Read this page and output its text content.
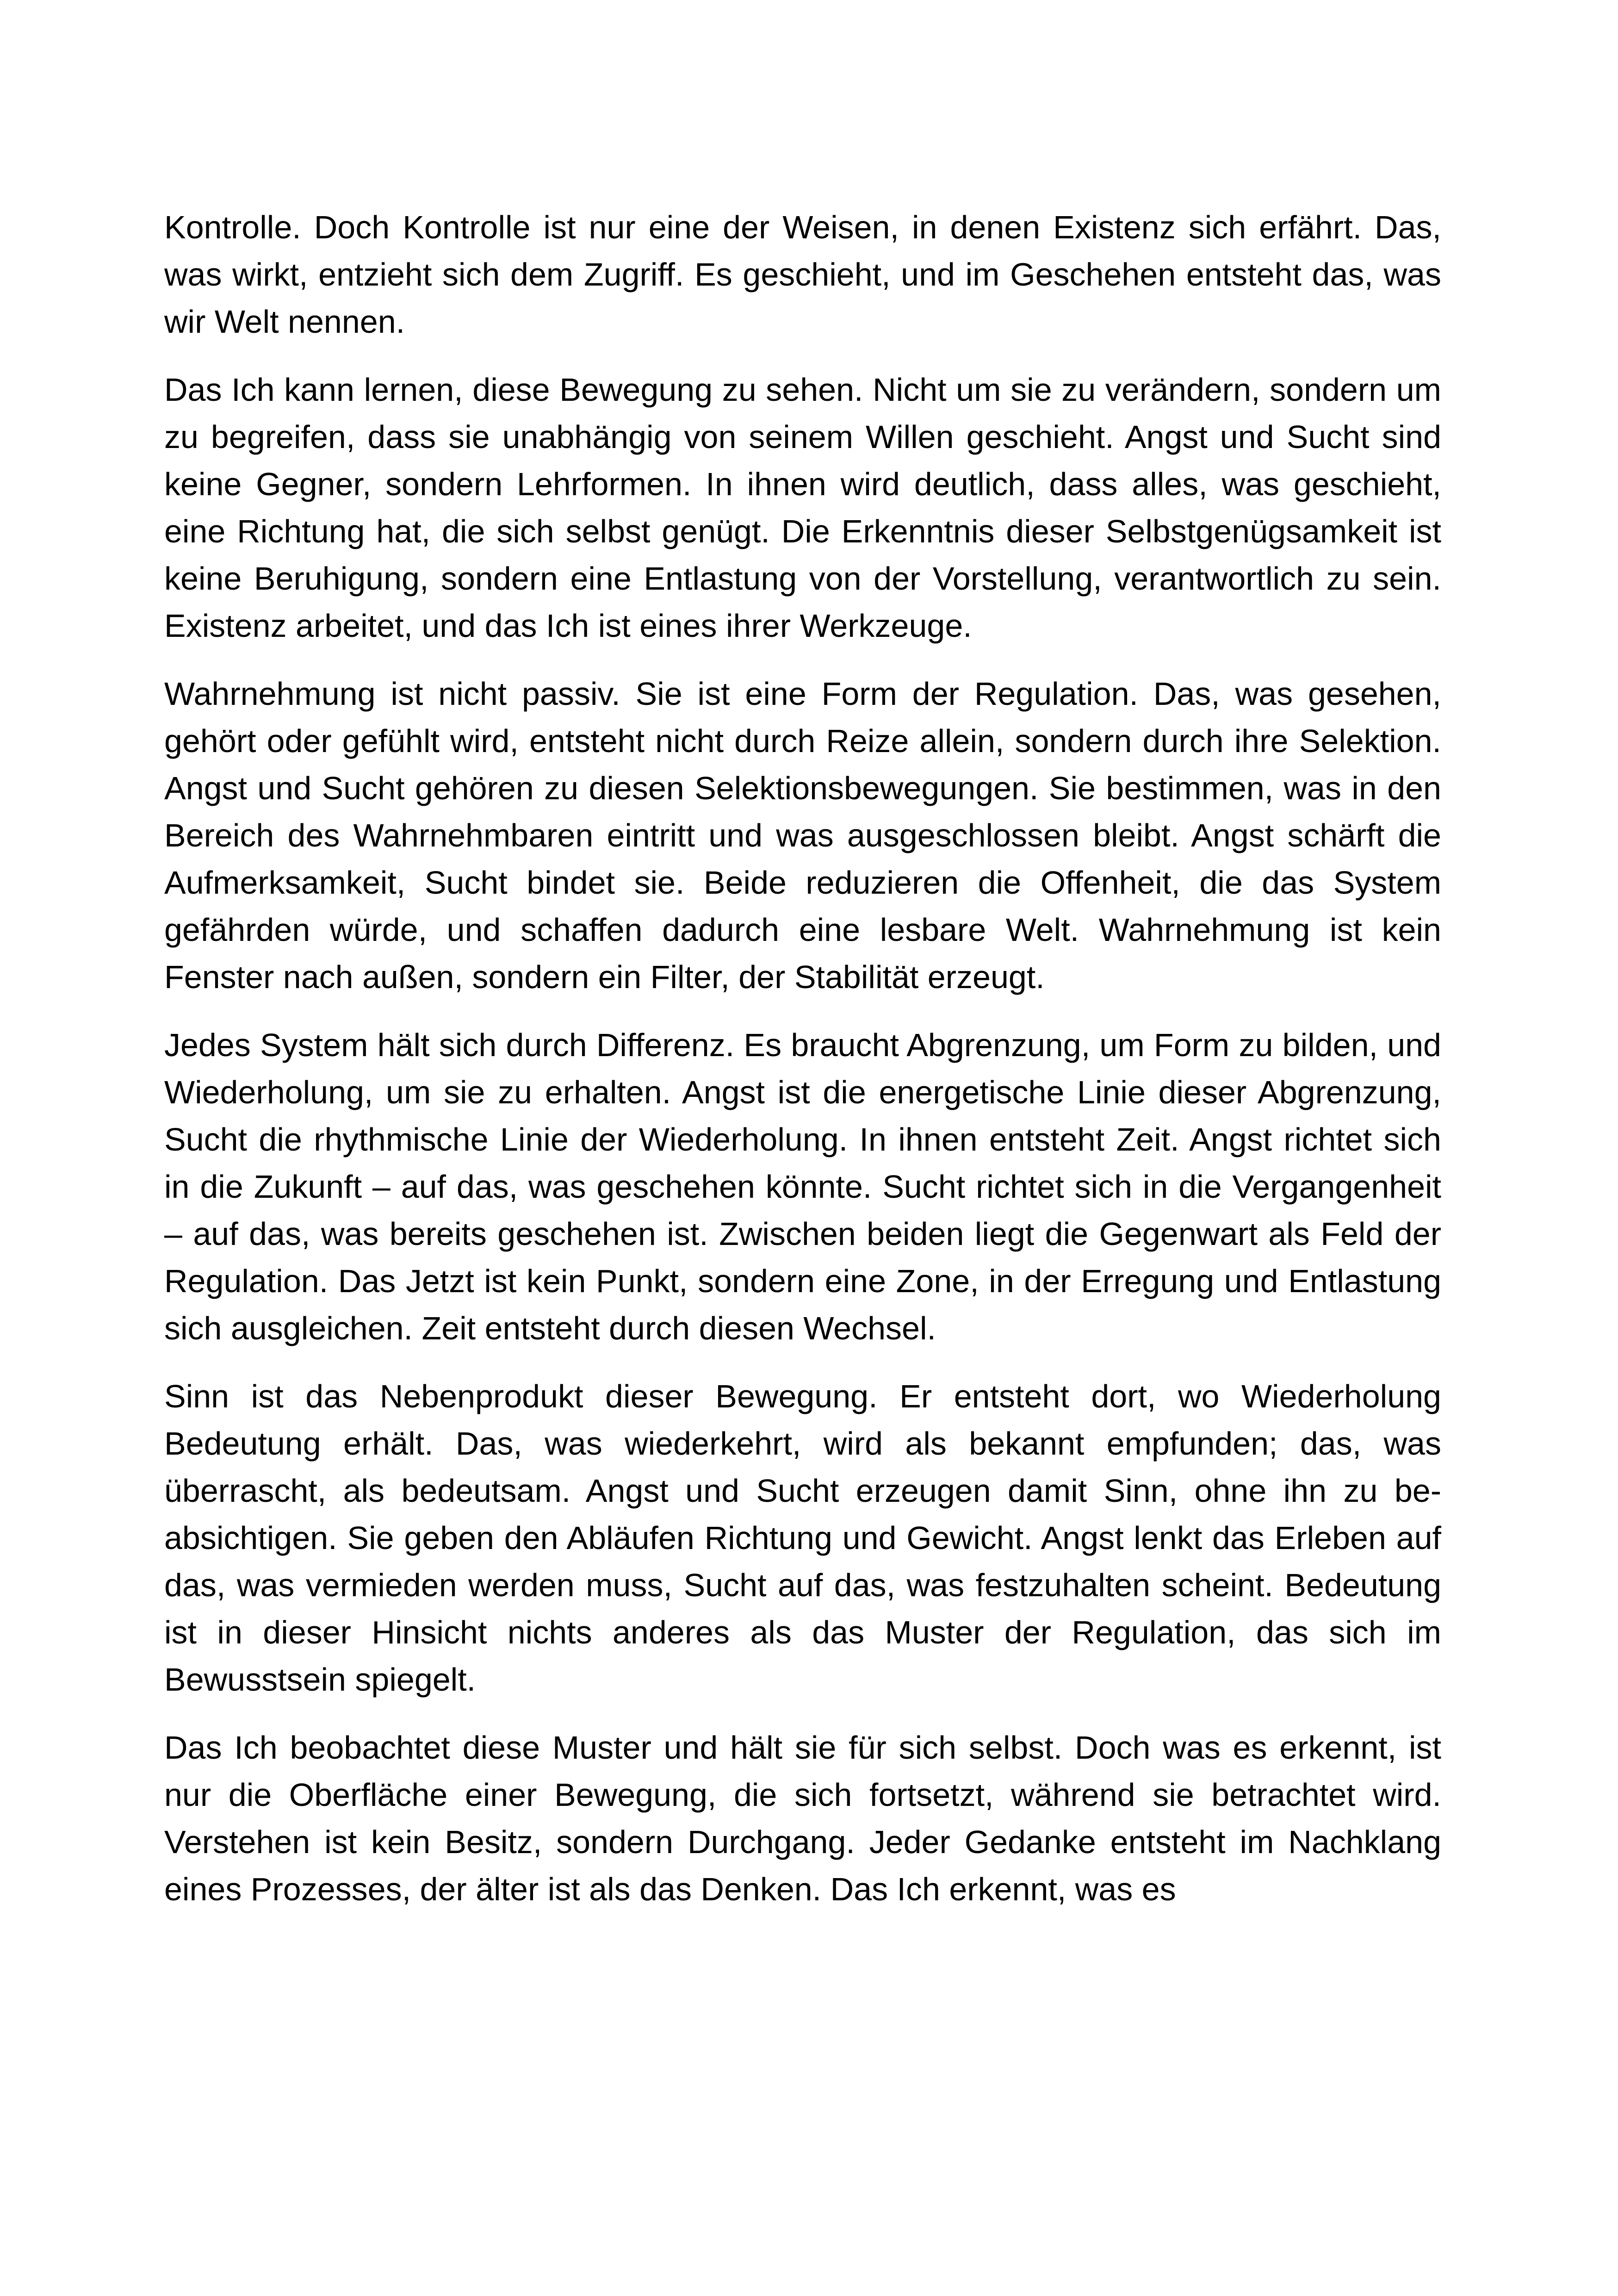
Kontrolle. Doch Kontrolle ist nur eine der Weisen, in denen Existenz sich erfährt. Das, was wirkt, entzieht sich dem Zugriff. Es geschieht, und im Geschehen entsteht das, was wir Welt nennen.

Das Ich kann lernen, diese Bewegung zu sehen. Nicht um sie zu verändern, sondern um zu begreifen, dass sie unabhängig von seinem Willen geschieht. Angst und Sucht sind keine Gegner, sondern Lehrformen. In ihnen wird deutlich, dass alles, was geschieht, eine Richtung hat, die sich selbst genügt. Die Erkenntnis dieser Selbstgenügsamkeit ist keine Beruhigung, sondern eine Entlastung von der Vorstellung, verantwortlich zu sein. Existenz arbeitet, und das Ich ist eines ihrer Werkzeuge.

Wahrnehmung ist nicht passiv. Sie ist eine Form der Regulation. Das, was gesehen, gehört oder gefühlt wird, entsteht nicht durch Reize allein, sondern durch ihre Selektion. Angst und Sucht gehören zu diesen Selektionsbewegungen. Sie bestimmen, was in den Bereich des Wahrnehmbaren eintritt und was ausgeschlossen bleibt. Angst schärft die Aufmerksamkeit, Sucht bindet sie. Beide reduzieren die Offenheit, die das System gefährden würde, und schaffen dadurch eine lesbare Welt. Wahrnehmung ist kein Fenster nach außen, sondern ein Filter, der Stabilität erzeugt.

Jedes System hält sich durch Differenz. Es braucht Abgrenzung, um Form zu bilden, und Wiederholung, um sie zu erhalten. Angst ist die energetische Linie dieser Abgrenzung, Sucht die rhythmische Linie der Wiederholung. In ihnen entsteht Zeit. Angst richtet sich in die Zukunft – auf das, was geschehen könnte. Sucht richtet sich in die Vergangenheit – auf das, was bereits geschehen ist. Zwischen beiden liegt die Gegenwart als Feld der Regulation. Das Jetzt ist kein Punkt, sondern eine Zone, in der Erregung und Entlastung sich ausgleichen. Zeit entsteht durch diesen Wechsel.

Sinn ist das Nebenprodukt dieser Bewegung. Er entsteht dort, wo Wiederholung Bedeutung erhält. Das, was wiederkehrt, wird als bekannt empfunden; das, was überrascht, als bedeutsam. Angst und Sucht erzeugen damit Sinn, ohne ihn zu beabsichtigen. Sie geben den Abläufen Richtung und Gewicht. Angst lenkt das Erleben auf das, was vermieden werden muss, Sucht auf das, was festzuhalten scheint. Bedeutung ist in dieser Hinsicht nichts anderes als das Muster der Regulation, das sich im Bewusstsein spiegelt.

Das Ich beobachtet diese Muster und hält sie für sich selbst. Doch was es erkennt, ist nur die Oberfläche einer Bewegung, die sich fortsetzt, während sie betrachtet wird. Verstehen ist kein Besitz, sondern Durchgang. Jeder Gedanke entsteht im Nachklang eines Prozesses, der älter ist als das Denken. Das Ich erkennt, was es
